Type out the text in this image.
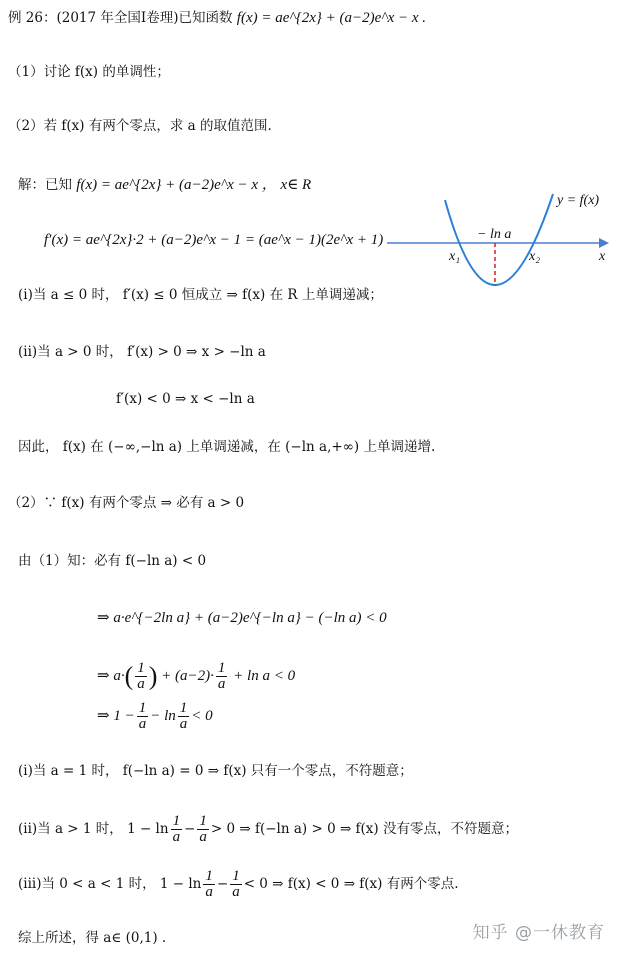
例 26：(2017 年全国Ⅰ卷理)已知函数 f(x) = ae^{2x} + (a−2)e^x − x .
（1）讨论 f(x) 的单调性；
（2）若 f(x) 有两个零点，求 a 的取值范围.
解：已知 f(x) = ae^{2x} + (a−2)e^x − x ， x∈ R
f′(x) = ae^{2x}·2 + (a−2)e^x − 1 = (ae^x − 1)(2e^x + 1)
(i)当 a ≤ 0 时， f′(x) ≤ 0 恒成立 ⇒ f(x) 在 R 上单调递减；
(ii)当 a > 0 时， f′(x) > 0 ⇒ x > −ln a
f′(x) < 0 ⇒ x < −ln a
因此， f(x) 在 (−∞,−ln a) 上单调递减，在 (−ln a,+∞) 上单调递增.
（2）∵ f(x) 有两个零点 ⇒ 必有 a > 0
由（1）知：必有 f(−ln a) < 0
⇒ a·e^{−2ln a} + (a−2)e^{−ln a} − (−ln a) < 0
⇒ $a\cdot( \frac{1}{a}$ ) + $(a-2)\cdot \frac{1}{a} + \ln a < 0$
⇒ $1 - \frac{1}{a} - \ln \frac{1}{a} < 0$
(i)当 a = 1 时， f(−ln a) = 0 ⇒ f(x) 只有一个零点，不符题意；
(ii)当 a > 1 时， $1 - \ln \frac{1}{a} - \frac{1}{a} > 0$ ⇒ f(−ln a) > 0 ⇒ f(x) 没有零点，不符题意；
(iii)当 0 < a < 1 时， $1 - \ln \frac{1}{a} - \frac{1}{a} < 0$ ⇒ f(x) < 0 ⇒ f(x) 有两个零点.
综上所述，得 a∈ (0,1) .
y = f(x)
− ln a
x₁	x₂	x
知乎 @一休教育
